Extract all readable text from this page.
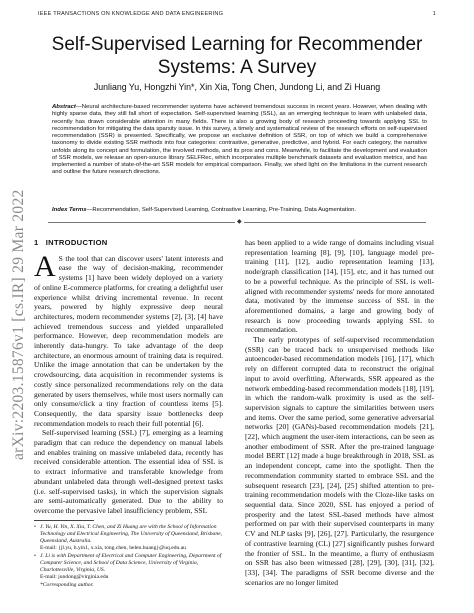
IEEE TRANSACTIONS ON KNOWLEDGE AND DATA ENGINEERING	1
arXiv:2203.15876v1 [cs.IR] 29 Mar 2022
Self-Supervised Learning for Recommender Systems: A Survey
Junliang Yu, Hongzhi Yin*, Xin Xia, Tong Chen, Jundong Li, and Zi Huang

Abstract—Neural architecture-based recommender systems have achieved tremendous success in recent years. However, when dealing with highly sparse data, they still fall short of expectation. Self-supervised learning (SSL), as an emerging technique to learn with unlabeled data, recently has drawn considerable attention in many fields. There is also a growing body of research proceeding towards applying SSL to recommendation for mitigating the data sparsity issue. In this survey, a timely and systematical review of the research efforts on self-supervised recommendation (SSR) is presented. Specifically, we propose an exclusive definition of SSR, on top of which we build a comprehensive taxonomy to divide existing SSR methods into four categories: contrastive, generative, predictive, and hybrid. For each category, the narrative unfolds along its concept and formulation, the involved methods, and its pros and cons. Meanwhile, to facilitate the development and evaluation of SSR models, we release an open-source library SELFRec, which incorporates multiple benchmark datasets and evaluation metrics, and has implemented a number of state-of-the-art SSR models for empirical comparison. Finally, we shed light on the limitations in the current research and outline the future research directions.

Index Terms—Recommendation, Self-Supervised Learning, Contrastive Learning, Pre-Training, Data Augmentation.

◆
1 INTRODUCTION

A S the tool that can discover users' latent interests and ease the way of decision-making, recommender systems [1] have been widely deployed on a variety of online E-commerce platforms, for creating a delightful user experience whilst driving incremental revenue. In recent years, powered by highly expressive deep neural architectures, modern recommender systems [2], [3], [4] have achieved tremendous success and yielded unparalleled performance. However, deep recommendation models are inherently data-hungry. To take advantage of the deep architecture, an enormous amount of training data is required. Unlike the image annotation that can be undertaken by the crowdsourcing, data acquisition in recommender systems is costly since personalized recommendations rely on the data generated by users themselves, while most users normally can only consume/click a tiny fraction of countless items [5]. Consequently, the data sparsity issue bottlenecks deep recommendation models to reach their full potential [6].

Self-supervised learning (SSL) [7], emerging as a learning paradigm that can reduce the dependency on manual labels and enables training on massive unlabeled data, recently has received considerable attention. The essential idea of SSL is to extract informative and transferable knowledge from abundant unlabeled data through well-designed pretext tasks (i.e. self-supervised tasks), in which the supervision signals are semi-automatically generated. Due to the ability to overcome the pervasive label insufficiency problem, SSL

• J. Yu, H. Yin, X. Xia, T. Chen, and Zi Huang are with the School of Information Technology and Electrical Engineering, The University of Queensland, Brisbane, Queensland, Australia.
E-mail: {jl.yu, h.yin1, x.xia, tong.chen, helen.huang}@uq.edu.au

• J. Li is with Department of Electrical and Computer Engineering, Department of Computer Science, and School of Data Science, University of Virginia, Charlottesville, Virginia, US.
E-mail: jundong@virginia.edu

*Corresponding author.

has been applied to a wide range of domains including visual representation learning [8], [9], [10], language model pre-training [11], [12], audio representation learning [13], node/graph classification [14], [15], etc, and it has turned out to be a powerful technique. As the principle of SSL is well-aligned with recommender systems' needs for more annotated data, motivated by the immense success of SSL in the aforementioned domains, a large and growing body of research is now proceeding towards applying SSL to recommendation.

The early prototypes of self-supervised recommendation (SSR) can be traced back to unsupervised methods like autoencoder-based recommendation models [16], [17], which rely on different corrupted data to reconstruct the original input to avoid overfitting. Afterwards, SSR appeared as the network embedding-based recommendation models [18], [19], in which the random-walk proximity is used as the self-supervision signals to capture the similarities between users and items. Over the same period, some generative adversarial networks [20] (GANs)-based recommendation models [21], [22], which augment the user-item interactions, can be seen as another embodiment of SSR. After the pre-trained language model BERT [12] made a huge breakthrough in 2018, SSL as an independent concept, came into the spotlight. Then the recommendation community started to embrace SSL and the subsequent research [23], [24], [25] shifted attention to pre-training recommendation models with the Cloze-like tasks on sequential data. Since 2020, SSL has enjoyed a period of prosperity and the latest SSL-based methods have almost performed on par with their supervised counterparts in many CV and NLP tasks [9], [26], [27]. Particularly, the resurgence of contrastive learning (CL) [27] significantly pushes forward the frontier of SSL. In the meantime, a flurry of enthusiasm on SSR has also been witnessed [28], [29], [30], [31], [32], [33], [34]. The paradigms of SSR become diverse and the scenarios are no longer limited
